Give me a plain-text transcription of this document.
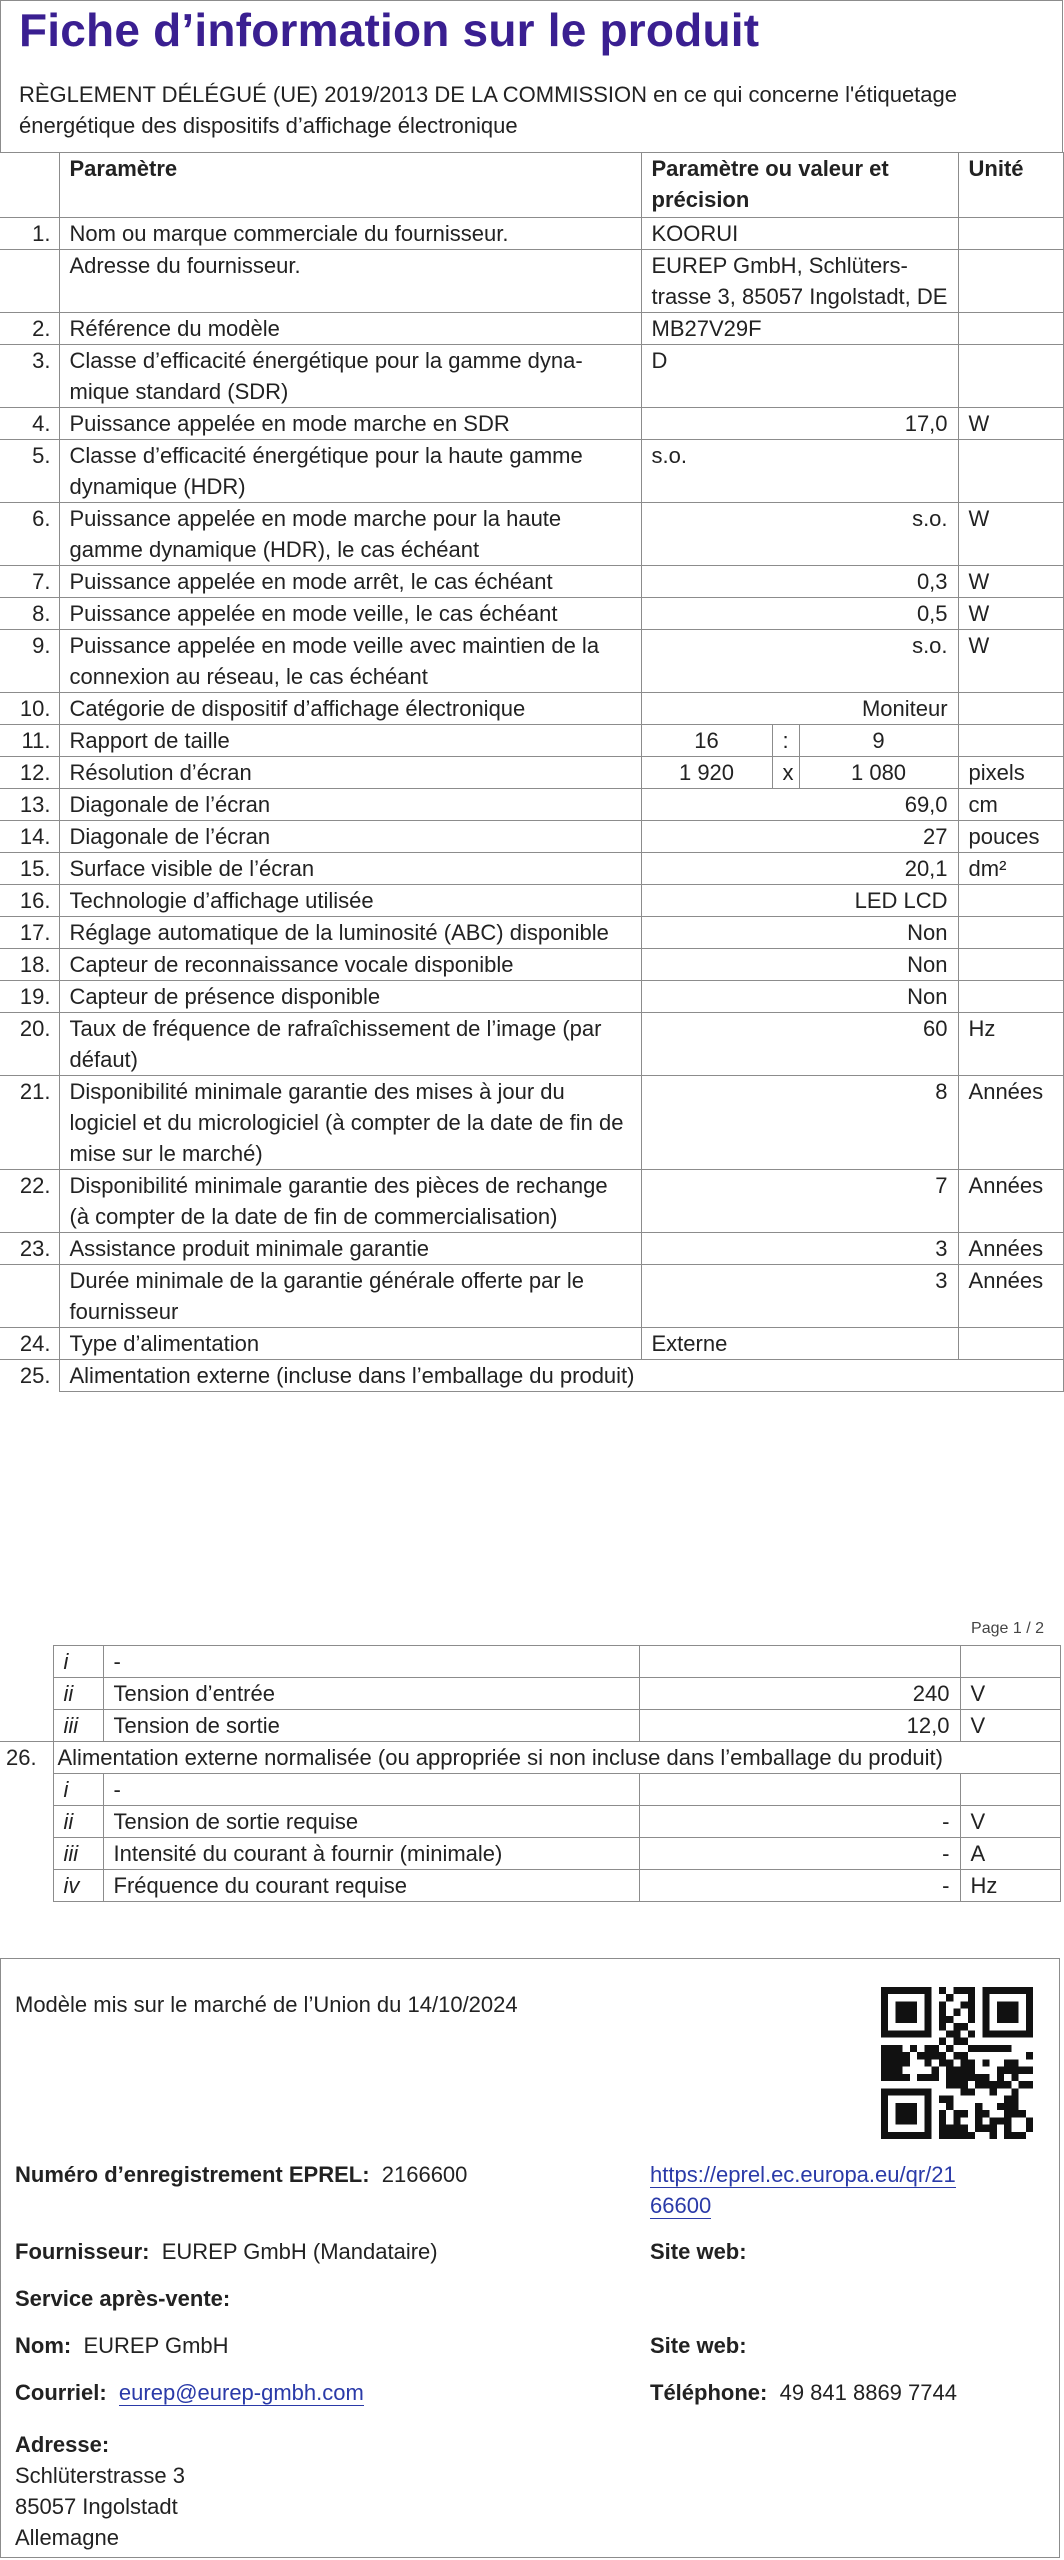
Fiche d’information sur le produit
RÈGLEMENT DÉLÉGUÉ (UE) 2019/2013 DE LA COMMISSION en ce qui concerne l'étiquetage énergétique des dispositifs d’affichage électronique
	Paramètre	Paramètre ou valeur et précision			Unité
1.	Nom ou marque commerciale du fournisseur.	KOORUI			
	Adresse du fournisseur.	EUREP GmbH, Schlüterstrasse 3, 85057 Ingolstadt, DE			
2.	Référence du modèle	MB27V29F			
3.	Classe d’efficacité énergétique pour la gamme dynamique standard (SDR)	D			
4.	Puissance appelée en mode marche en SDR	17,0			W
5.	Classe d’efficacité énergétique pour la haute gamme dynamique (HDR)	s.o.			
6.	Puissance appelée en mode marche pour la haute gamme dynamique (HDR), le cas échéant	s.o.			W
7.	Puissance appelée en mode arrêt, le cas échéant	0,3			W
8.	Puissance appelée en mode veille, le cas échéant	0,5			W
9.	Puissance appelée en mode veille avec maintien de la connexion au réseau, le cas échéant	s.o.			W
10.	Catégorie de dispositif d’affichage électronique	Moniteur			
11.	Rapport de taille	16	:	9	
12.	Résolution d’écran	1 920	x	1 080	pixels
13.	Diagonale de l’écran	69,0			cm
14.	Diagonale de l’écran	27			pouces
15.	Surface visible de l’écran	20,1			dm²
16.	Technologie d’affichage utilisée	LED LCD			
17.	Réglage automatique de la luminosité (ABC) disponible	Non			
18.	Capteur de reconnaissance vocale disponible	Non			
19.	Capteur de présence disponible	Non			
20.	Taux de fréquence de rafraîchissement de l’image (par défaut)	60			Hz
21.	Disponibilité minimale garantie des mises à jour du logiciel et du micrologiciel (à compter de la date de fin de mise sur le marché)	8			Années
22.	Disponibilité minimale garantie des pièces de rechange (à compter de la date de fin de commercialisation)	7			Années
23.	Assistance produit minimale garantie	3			Années
	Durée minimale de la garantie générale offerte par le fournisseur	3			Années
24.	Type d’alimentation	Externe			
25.	Alimentation externe (incluse dans l’emballage du produit)				
Page 1 / 2
	i	-		
	ii	Tension d’entrée	240	V
	iii	Tension de sortie	12,0	V
26.	Alimentation externe normalisée (ou appropriée si non incluse dans l’emballage du produit)			
	i	-		
	ii	Tension de sortie requise	-	V
	iii	Intensité du courant à fournir (minimale)	-	A
	iv	Fréquence du courant requise	-	Hz
Modèle mis sur le marché de l’Union du 14/10/2024
Numéro d’enregistrement EPREL: 2166600	https://eprel.ec.europa.eu/qr/21
66600
Fournisseur: EUREP GmbH (Mandataire)	Site web:
Service après-vente:
Nom: EUREP GmbH	Site web:
Courriel: eurep@eurep-gmbh.com	Téléphone: 49 841 8869 7744
Adresse:
Schlüterstrasse 3
85057 Ingolstadt
Allemagne
